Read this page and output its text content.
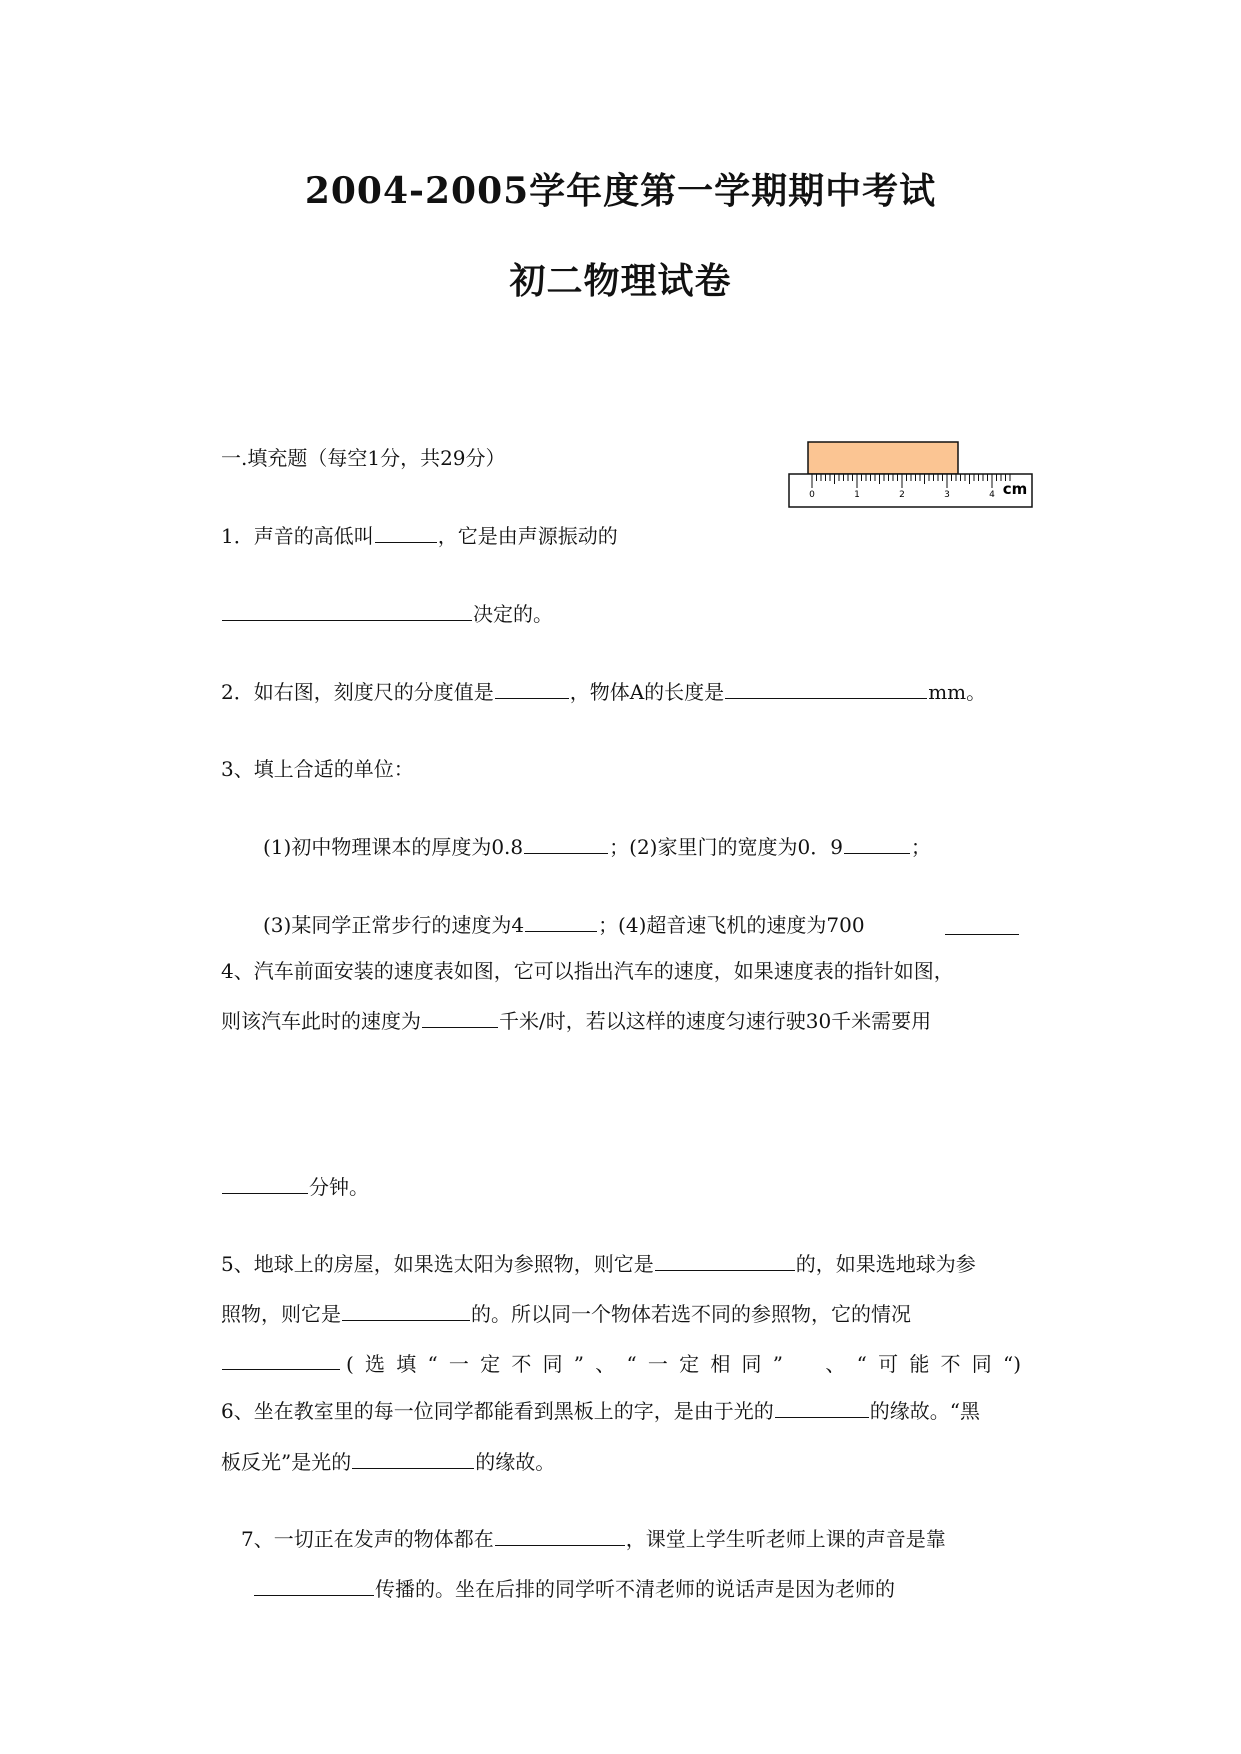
2004-2005学年度第一学期期中考试
初二物理试卷
一.填充题（每空1分，共29分）
0	1	2	3	4 cm
1．声音的高低叫	，它是由声源振动的
决定的。
2．如右图，刻度尺的分度值是	，物体A的长度是	mm。
3、填上合适的单位：
(1)初中物理课本的厚度为0.8	；(2)家里门的宽度为0．9	；
(3)某同学正常步行的速度为4	；(4)超音速飞机的速度为700
4、汽车前面安装的速度表如图，它可以指出汽车的速度，如果速度表的指针如图，
则该汽车此时的速度为	千米/时，若以这样的速度匀速行驶30千米需要用
分钟。
5、地球上的房屋，如果选太阳为参照物，则它是	的，如果选地球为参
照物，则它是	的。所以同一个物体若选不同的参照物，它的情况
(选填“一定不同”、“一定相同”　、“可能不同“)
6、坐在教室里的每一位同学都能看到黑板上的字，是由于光的	的缘故。“黑
板反光”是光的	的缘故。
7、一切正在发声的物体都在	，课堂上学生听老师上课的声音是靠
传播的。坐在后排的同学听不清老师的说话声是因为老师的
